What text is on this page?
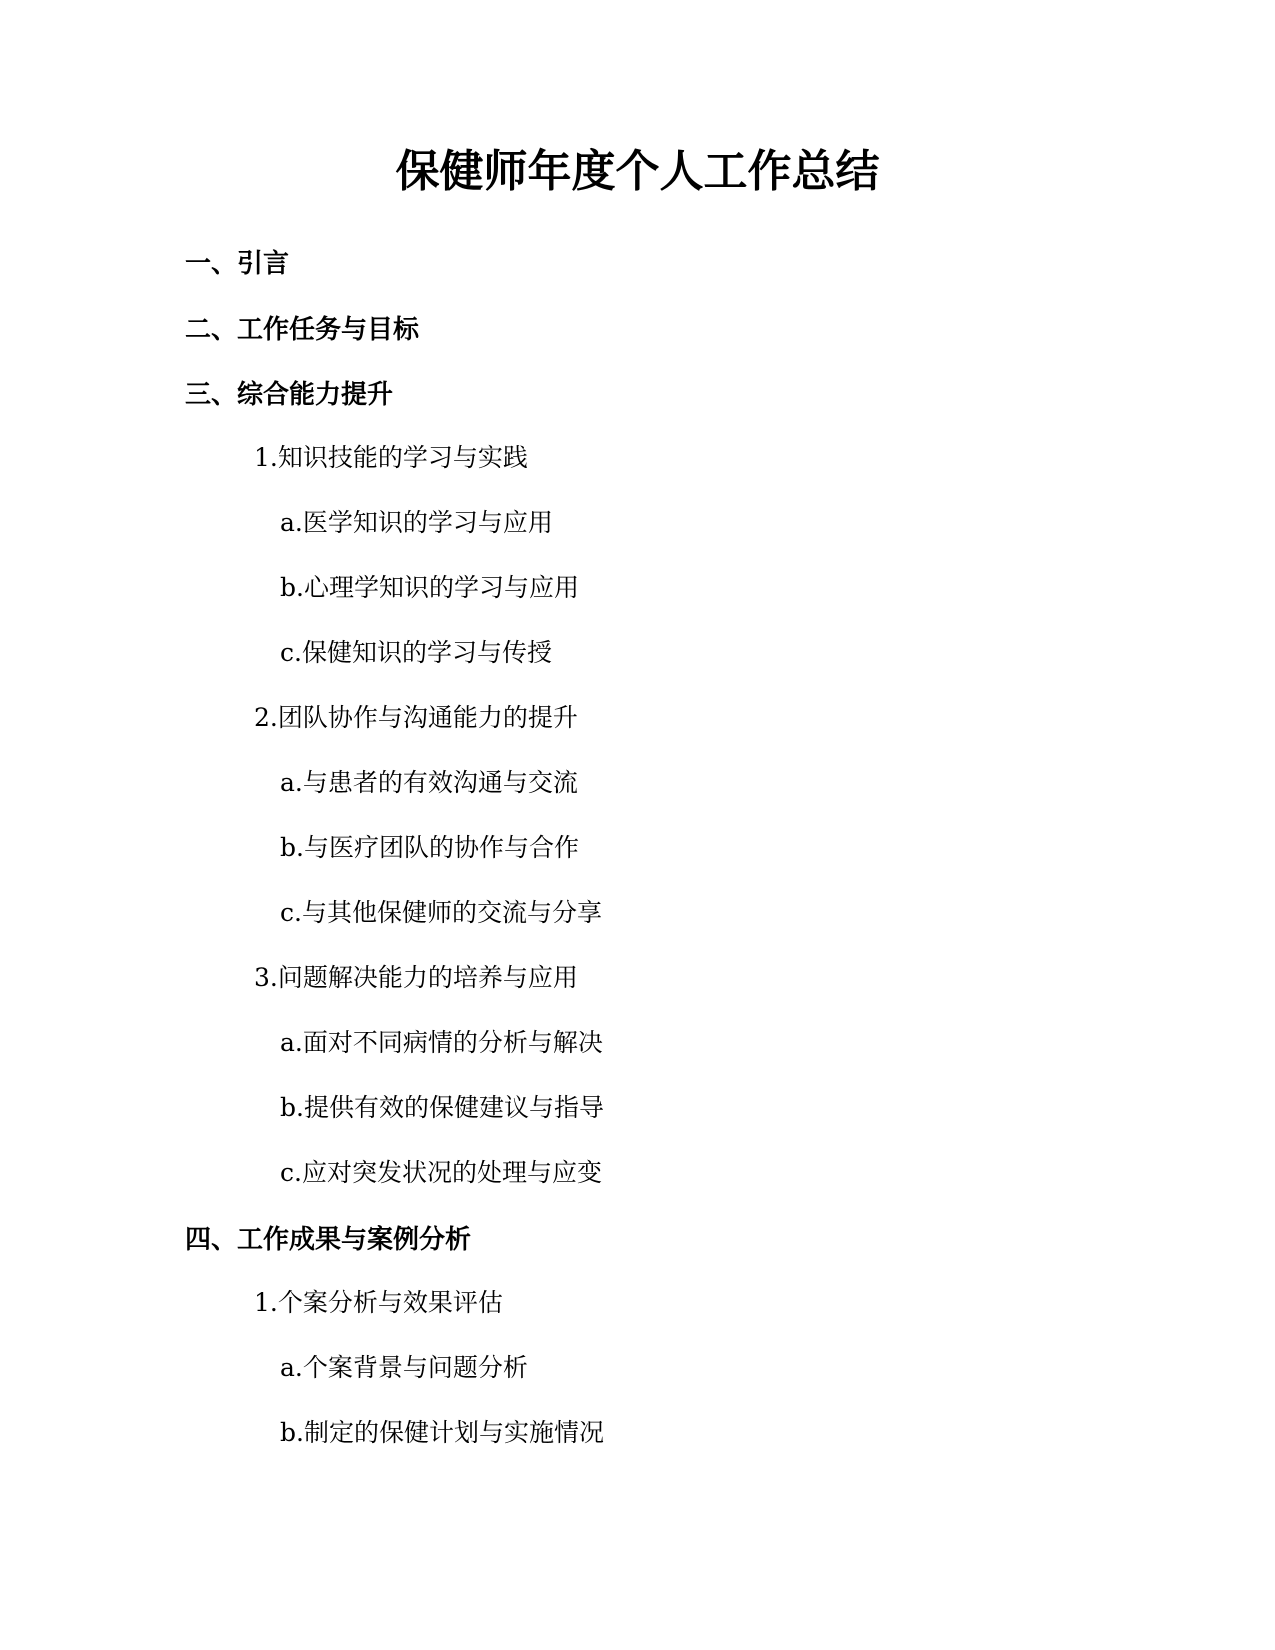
保健师年度个人工作总结
一、引言
二、工作任务与目标
三、综合能力提升

1.知识技能的学习与实践

a.医学知识的学习与应用

b.心理学知识的学习与应用

c.保健知识的学习与传授

2.团队协作与沟通能力的提升

a.与患者的有效沟通与交流

b.与医疗团队的协作与合作

c.与其他保健师的交流与分享

3.问题解决能力的培养与应用

a.面对不同病情的分析与解决

b.提供有效的保健建议与指导

c.应对突发状况的处理与应变

四、工作成果与案例分析

1.个案分析与效果评估

a.个案背景与问题分析

b.制定的保健计划与实施情况
